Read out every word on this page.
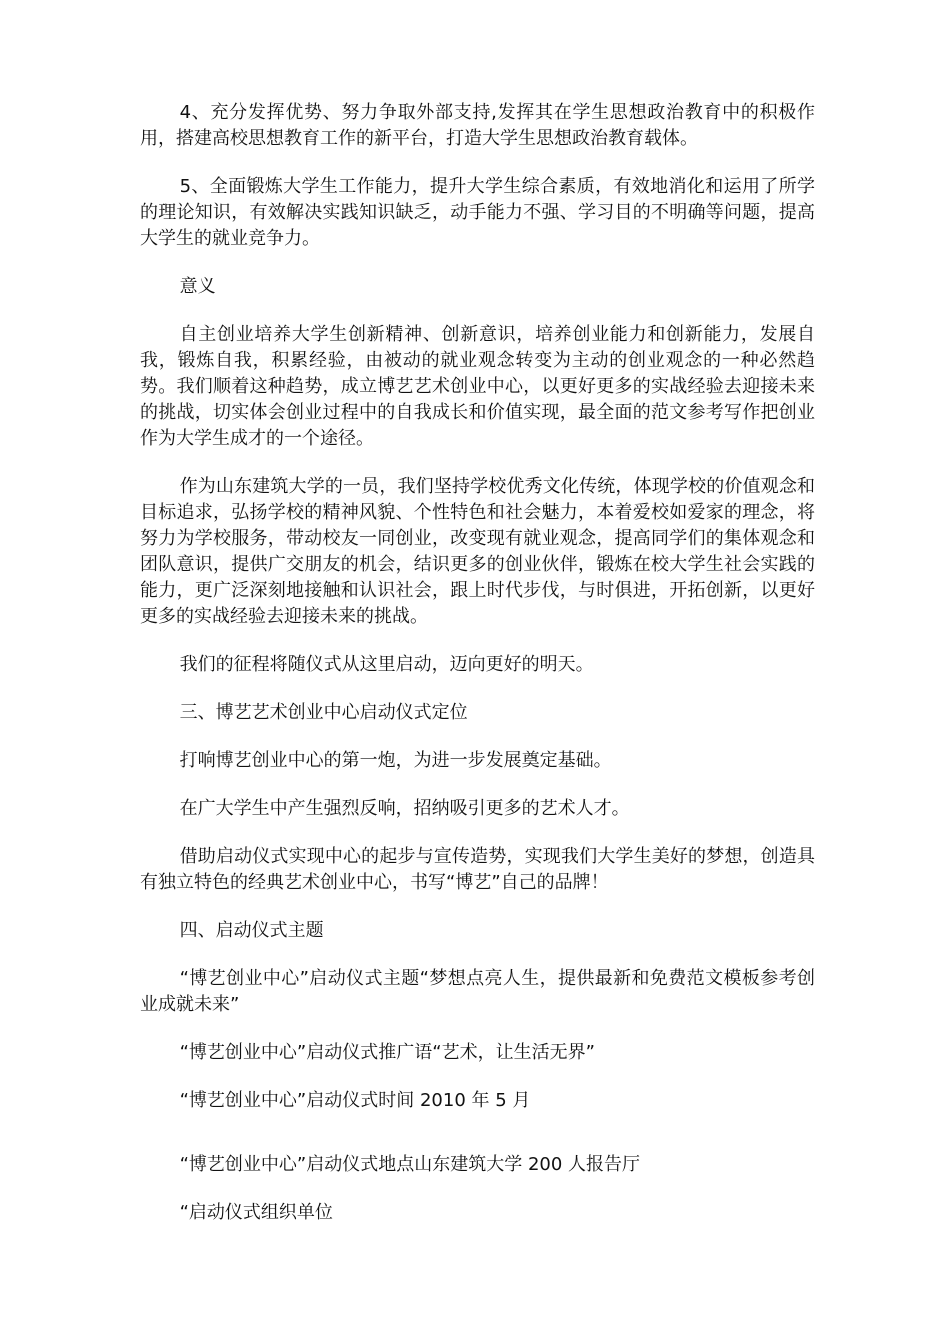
4、充分发挥优势、努力争取外部支持,发挥其在学生思想政治教育中的积极作用，搭建高校思想教育工作的新平台，打造大学生思想政治教育载体。

5、全面锻炼大学生工作能力，提升大学生综合素质，有效地消化和运用了所学的理论知识，有效解决实践知识缺乏，动手能力不强、学习目的不明确等问题，提高大学生的就业竞争力。

意义

自主创业培养大学生创新精神、创新意识，培养创业能力和创新能力，发展自我，锻炼自我，积累经验，由被动的就业观念转变为主动的创业观念的一种必然趋势。我们顺着这种趋势，成立博艺艺术创业中心，以更好更多的实战经验去迎接未来的挑战，切实体会创业过程中的自我成长和价值实现，最全面的范文参考写作把创业作为大学生成才的一个途径。

作为山东建筑大学的一员，我们坚持学校优秀文化传统，体现学校的价值观念和目标追求，弘扬学校的精神风貌、个性特色和社会魅力，本着爱校如爱家的理念，将努力为学校服务，带动校友一同创业，改变现有就业观念，提高同学们的集体观念和团队意识，提供广交朋友的机会，结识更多的创业伙伴，锻炼在校大学生社会实践的能力，更广泛深刻地接触和认识社会，跟上时代步伐，与时俱进，开拓创新，以更好更多的实战经验去迎接未来的挑战。

我们的征程将随仪式从这里启动，迈向更好的明天。

三、博艺艺术创业中心启动仪式定位

打响博艺创业中心的第一炮，为进一步发展奠定基础。

在广大学生中产生强烈反响，招纳吸引更多的艺术人才。

借助启动仪式实现中心的起步与宣传造势，实现我们大学生美好的梦想，创造具有独立特色的经典艺术创业中心，书写“博艺”自己的品牌！

四、启动仪式主题

“博艺创业中心”启动仪式主题“梦想点亮人生，提供最新和免费范文模板参考创业成就未来”

“博艺创业中心”启动仪式推广语“艺术，让生活无界”

“博艺创业中心”启动仪式时间 2010 年 5 月

“博艺创业中心”启动仪式地点山东建筑大学 200 人报告厅

“启动仪式组织单位
